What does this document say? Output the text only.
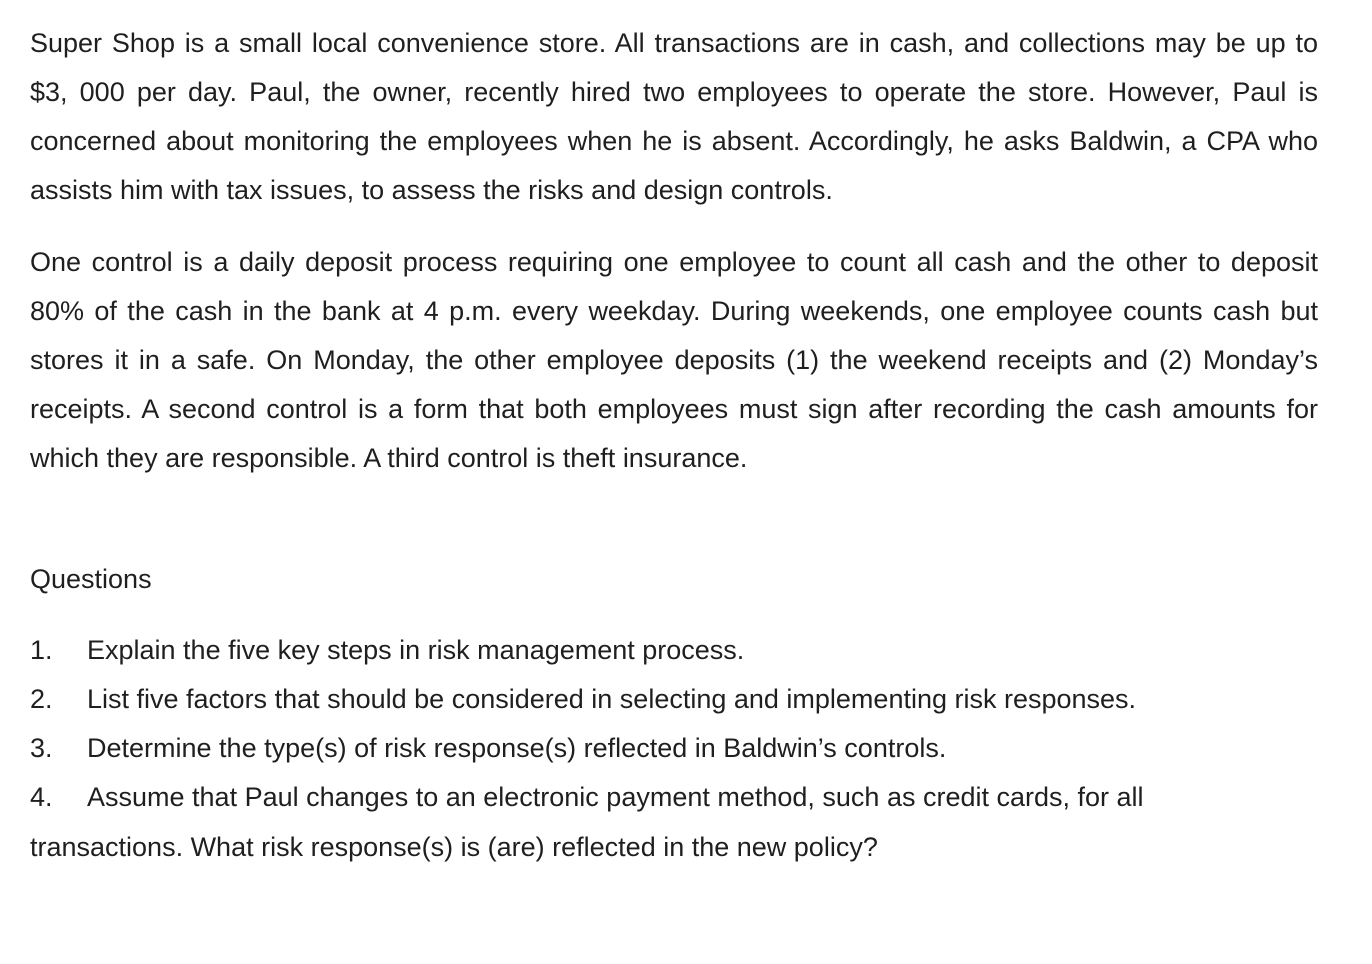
Super Shop is a small local convenience store. All transactions are in cash, and collections may be up to $3, 000 per day. Paul, the owner, recently hired two employees to operate the store. However, Paul is concerned about monitoring the employees when he is absent. Accordingly, he asks Baldwin, a CPA who assists him with tax issues, to assess the risks and design controls.

One control is a daily deposit process requiring one employee to count all cash and the other to deposit 80% of the cash in the bank at 4 p.m. every weekday. During weekends, one employee counts cash but stores it in a safe. On Monday, the other employee deposits (1) the weekend receipts and (2) Monday’s receipts. A second control is a form that both employees must sign after recording the cash amounts for which they are responsible. A third control is theft insurance.

Questions
1. Explain the five key steps in risk management process.
2. List five factors that should be considered in selecting and implementing risk responses.
3. Determine the type(s) of risk response(s) reflected in Baldwin’s controls.
4. Assume that Paul changes to an electronic payment method, such as credit cards, for all
transactions. What risk response(s) is (are) reflected in the new policy?
